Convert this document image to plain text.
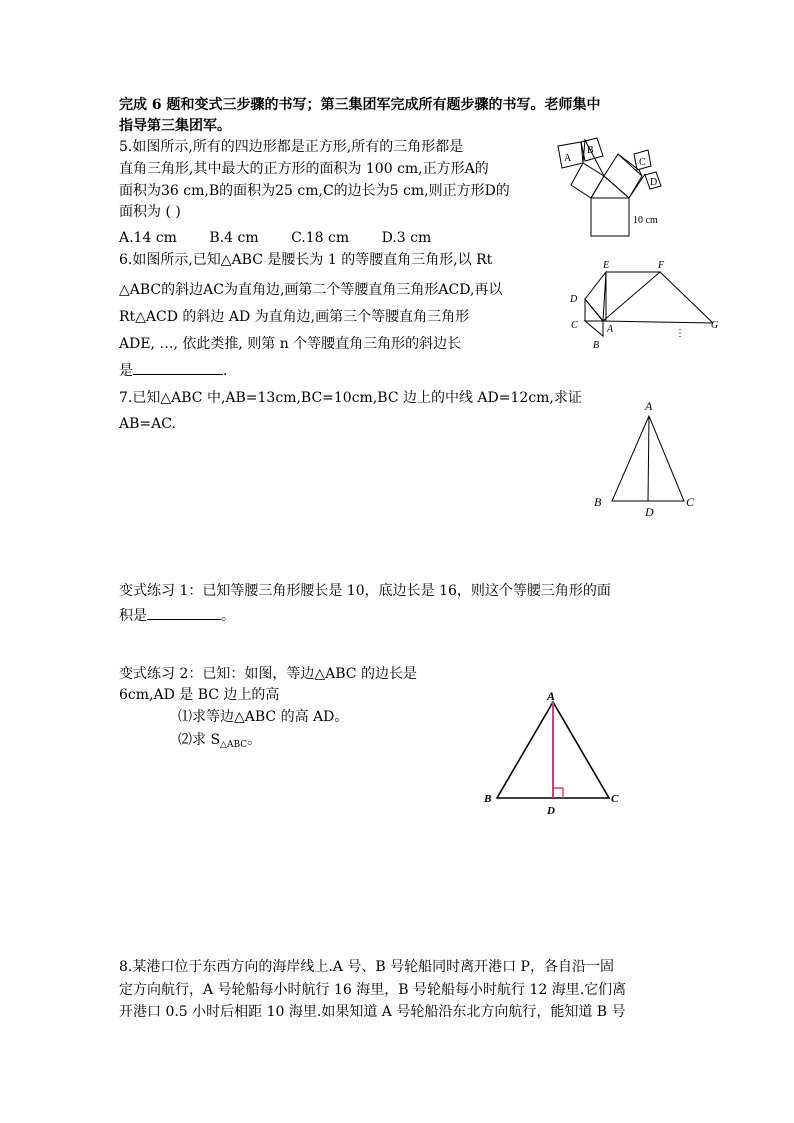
完成 6 题和变式三步骤的书写；第三集团军完成所有题步骤的书写。老师集中
指导第三集团军。
5.如图所示,所有的四边形都是正方形,所有的三角形都是
直角三角形,其中最大的正方形的面积为 100 cm,正方形A的
面积为36 cm,B的面积为25 cm,C的边长为5 cm,则正方形D的
面积为 ( )
A.14 cm B.4 cm C.18 cm D.3 cm
A
B
C
D
10 cm
6.如图所示,已知△ABC 是腰长为 1 的等腰直角三角形,以 Rt
△ABC的斜边AC为直角边,画第二个等腰直角三角形ACD,再以
Rt△ACD 的斜边 AD 为直角边,画第三个等腰直角三角形
ADE, …, 依此类推, 则第 n 个等腰直角三角形的斜边长
是	.
E	F
D
C	A
B
G
⋮
7.已知△ABC 中,AB=13cm,BC=10cm,BC 边上的中线 AD=12cm,求证
AB=AC.
A
B	C
D
变式练习 1：已知等腰三角形腰长是 10，底边长是 16，则这个等腰三角形的面
积是	。
变式练习 2：已知：如图，等边△ABC 的边长是
6cm,AD 是 BC 边上的高
⑴求等边△ABC 的高 AD。
⑵求 $S_{\triangle ABC}$。
A
B	C
D
8.某港口位于东西方向的海岸线上.A 号、B 号轮船同时离开港口 P，各自沿一固
定方向航行，A 号轮船每小时航行 16 海里，B 号轮船每小时航行 12 海里.它们离
开港口 0.5 小时后相距 10 海里.如果知道 A 号轮船沿东北方向航行，能知道 B 号
